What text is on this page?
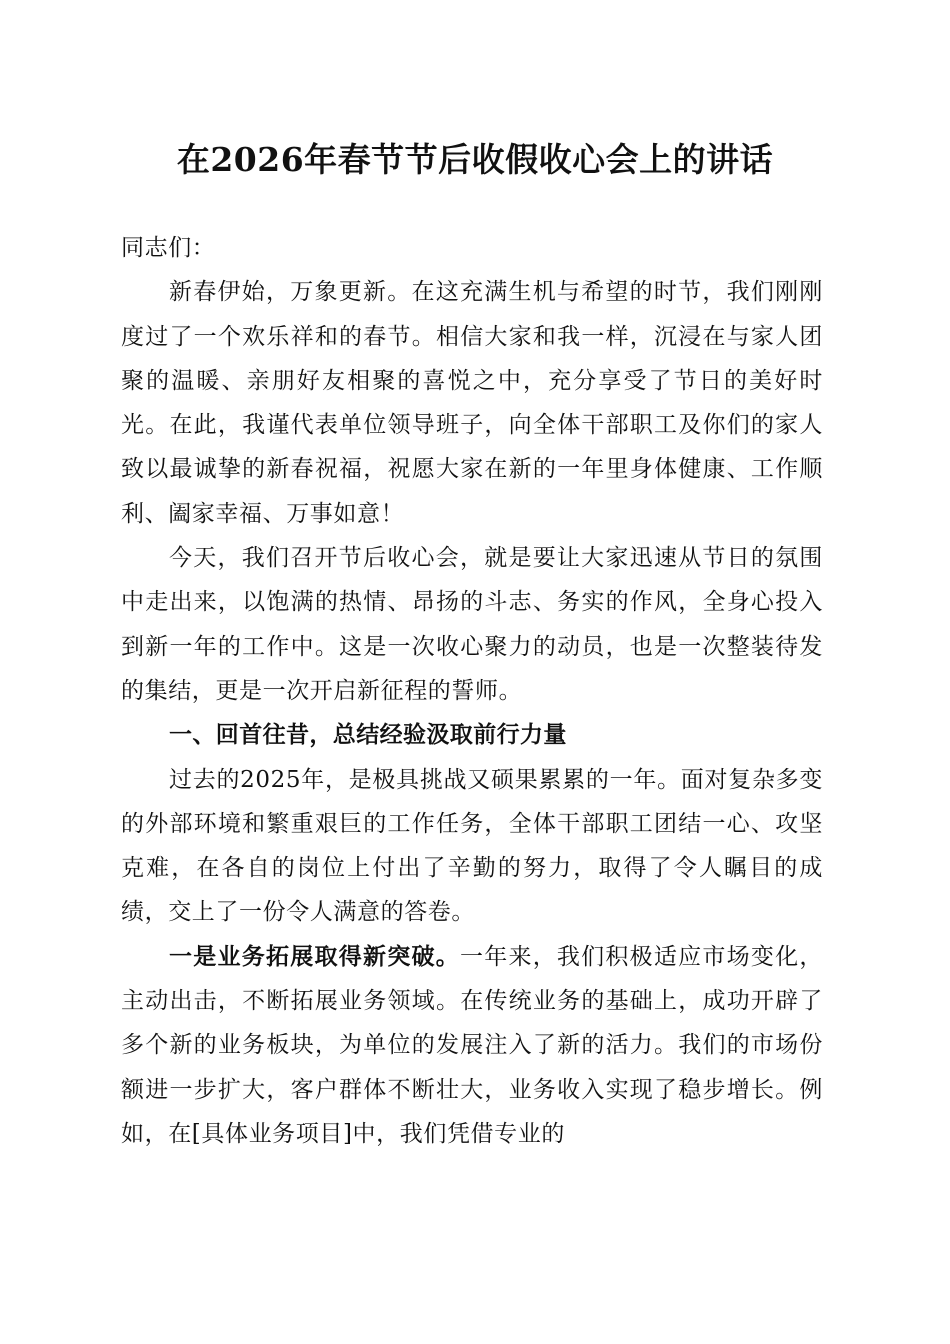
在2026年春节节后收假收心会上的讲话

同志们：

新春伊始，万象更新。在这充满生机与希望的时节，我们刚刚度过了一个欢乐祥和的春节。相信大家和我一样，沉浸在与家人团聚的温暖、亲朋好友相聚的喜悦之中，充分享受了节日的美好时光。在此，我谨代表单位领导班子，向全体干部职工及你们的家人致以最诚挚的新春祝福，祝愿大家在新的一年里身体健康、工作顺利、阖家幸福、万事如意！

今天，我们召开节后收心会，就是要让大家迅速从节日的氛围中走出来，以饱满的热情、昂扬的斗志、务实的作风，全身心投入到新一年的工作中。这是一次收心聚力的动员，也是一次整装待发的集结，更是一次开启新征程的誓师。

一、回首往昔，总结经验汲取前行力量

过去的2025年，是极具挑战又硕果累累的一年。面对复杂多变的外部环境和繁重艰巨的工作任务，全体干部职工团结一心、攻坚克难，在各自的岗位上付出了辛勤的努力，取得了令人瞩目的成绩，交上了一份令人满意的答卷。

一是业务拓展取得新突破。一年来，我们积极适应市场变化，主动出击，不断拓展业务领域。在传统业务的基础上，成功开辟了多个新的业务板块，为单位的发展注入了新的活力。我们的市场份额进一步扩大，客户群体不断壮大，业务收入实现了稳步增长。例如，在[具体业务项目]中，我们凭借专业的
